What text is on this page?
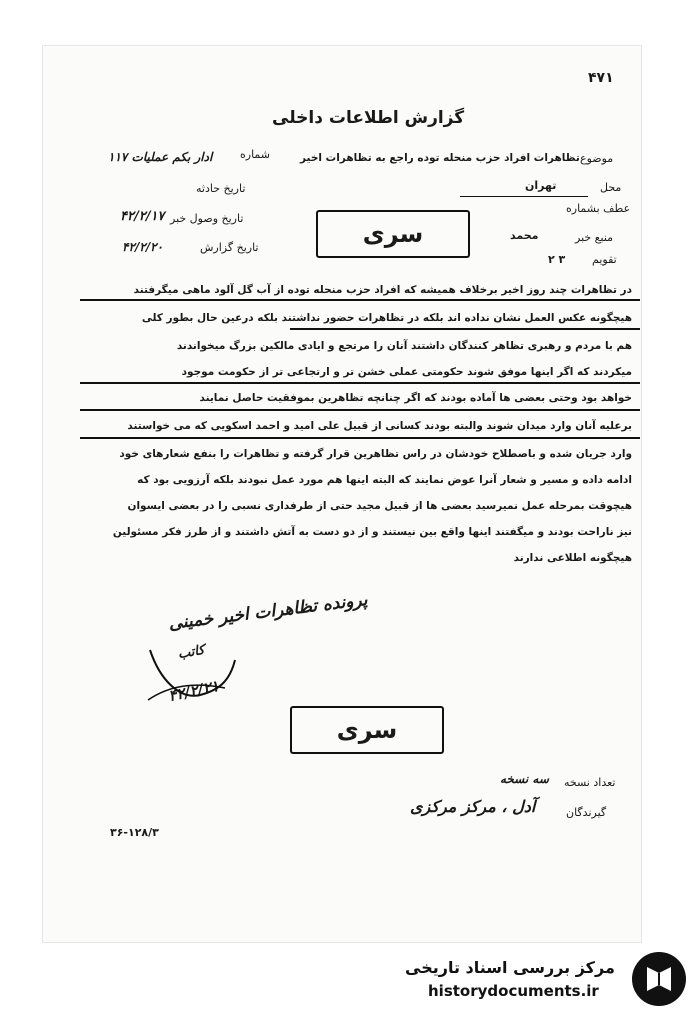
۴۷۱
گزارش اطلاعات داخلی
شماره
ادار بکم عملیات ۱۱۷
تاریخ حادثه
تاریخ وصول خبر
۴۲/۲/۱۷
تاریخ گزارش
۴۲/۲/۲۰
موضوع
تظاهرات افراد حزب منحله توده راجع به تظاهرات اخیر
محل
تهران
عطف بشماره
منبع خبر
محمد
تقویم
۲ ۳
سری
در تظاهرات چند روز اخیر برخلاف همیشه که افراد حزب منحله توده از آب گل آلود ماهی میگرفتند
هیچگونه عکس العمل نشان نداده اند بلکه در تظاهرات حضور نداشتند بلکه درعین حال بطور کلی
هم با مردم و رهبری تظاهر کنندگان داشتند آنان را مرتجع و ایادی مالکین بزرگ میخواندند
میکردند که اگر اینها موفق شوند حکومتی عملی خشن تر و ارتجاعی تر از حکومت موجود
خواهد بود وحتی بعضی ها آماده بودند که اگر چنانچه تظاهرین بموفقیت حاصل نمایند
برعلیه آنان وارد میدان شوند والبته بودند کسانی از قبیل علی امید و احمد اسکویی که می خواستند
وارد جریان شده و باصطلاح خودشان در راس تظاهرین قرار گرفته و تظاهرات را بنفع شعارهای خود
ادامه داده و مسیر و شعار آنرا عوض نمایند که البته اینها هم مورد عمل نبودند بلکه آرزویی بود که
هیچوقت بمرحله عمل نمیرسید بعضی ها از قبیل مجید حتی از طرفداری نسبی را در بعضی ایسوان
نیز ناراحت بودند و میگفتند اینها واقع بین نیستند و از دو دست به آتش داشتند و از طرز فکر مسئولین
هیچگونه اطلاعی ندارند
پرونده تظاهرات اخیر خمینی
کاتب
۴۲/۲/۲۱
سری
تعداد نسخه
سه نسخه
گیرندگان
آدل ، مرکز مرکزی
۳۶-۱۲۸/۳
مرکز بررسی اسناد تاریخی
historydocuments.ir
